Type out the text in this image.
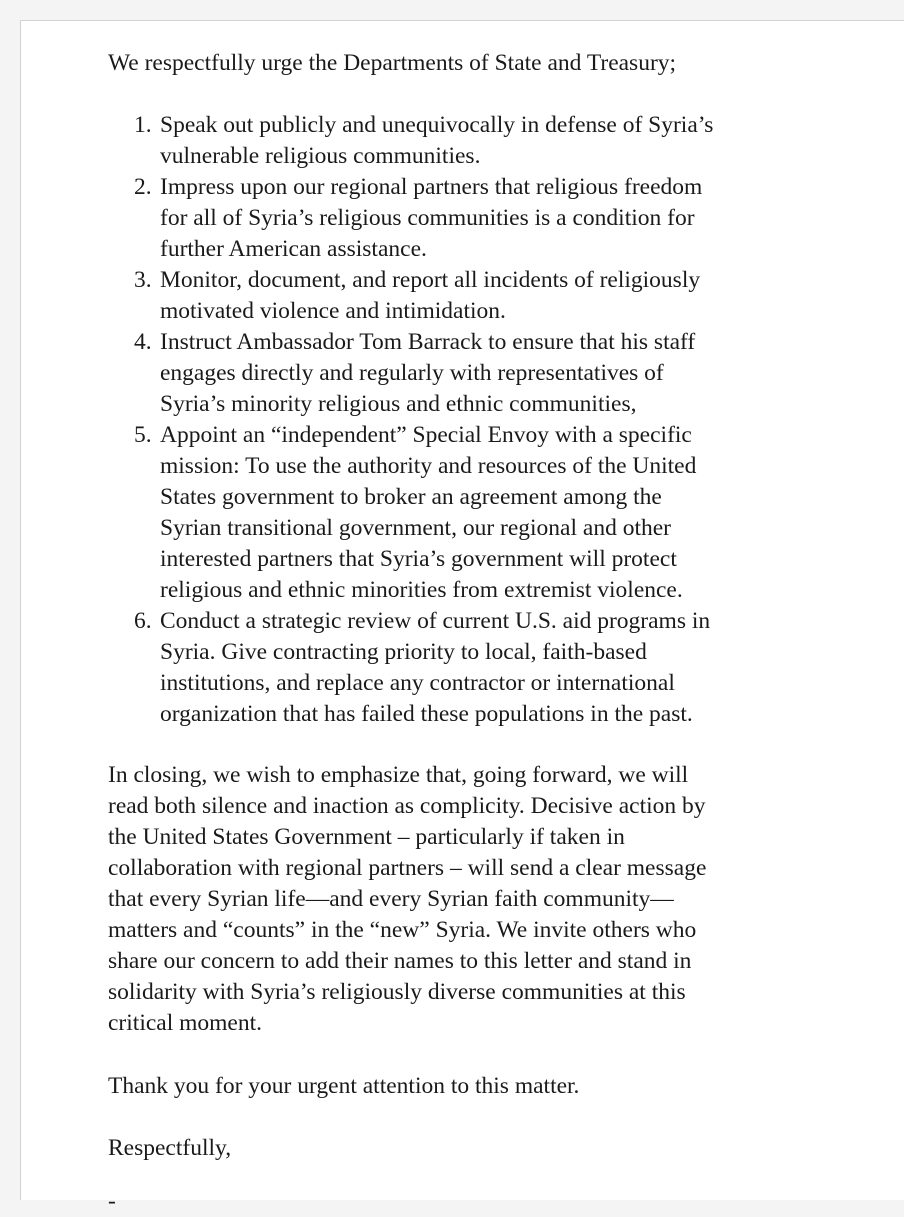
We respectfully urge the Departments of State and Treasury;

1. Speak out publicly and unequivocally in defense of Syria’s
vulnerable religious communities.
2. Impress upon our regional partners that religious freedom
for all of Syria’s religious communities is a condition for
further American assistance.
3. Monitor, document, and report all incidents of religiously
motivated violence and intimidation.
4. Instruct Ambassador Tom Barrack to ensure that his staff
engages directly and regularly with representatives of
Syria’s minority religious and ethnic communities,
5. Appoint an “independent” Special Envoy with a specific
mission: To use the authority and resources of the United
States government to broker an agreement among the
Syrian transitional government, our regional and other
interested partners that Syria’s government will protect
religious and ethnic minorities from extremist violence.
6. Conduct a strategic review of current U.S. aid programs in
Syria. Give contracting priority to local, faith-based
institutions, and replace any contractor or international
organization that has failed these populations in the past.
In closing, we wish to emphasize that, going forward, we will
read both silence and inaction as complicity. Decisive action by
the United States Government – particularly if taken in
collaboration with regional partners – will send a clear message
that every Syrian life—and every Syrian faith community—
matters and “counts” in the “new” Syria. We invite others who
share our concern to add their names to this letter and stand in
solidarity with Syria’s religiously diverse communities at this
critical moment.

Thank you for your urgent attention to this matter.

Respectfully,

-
